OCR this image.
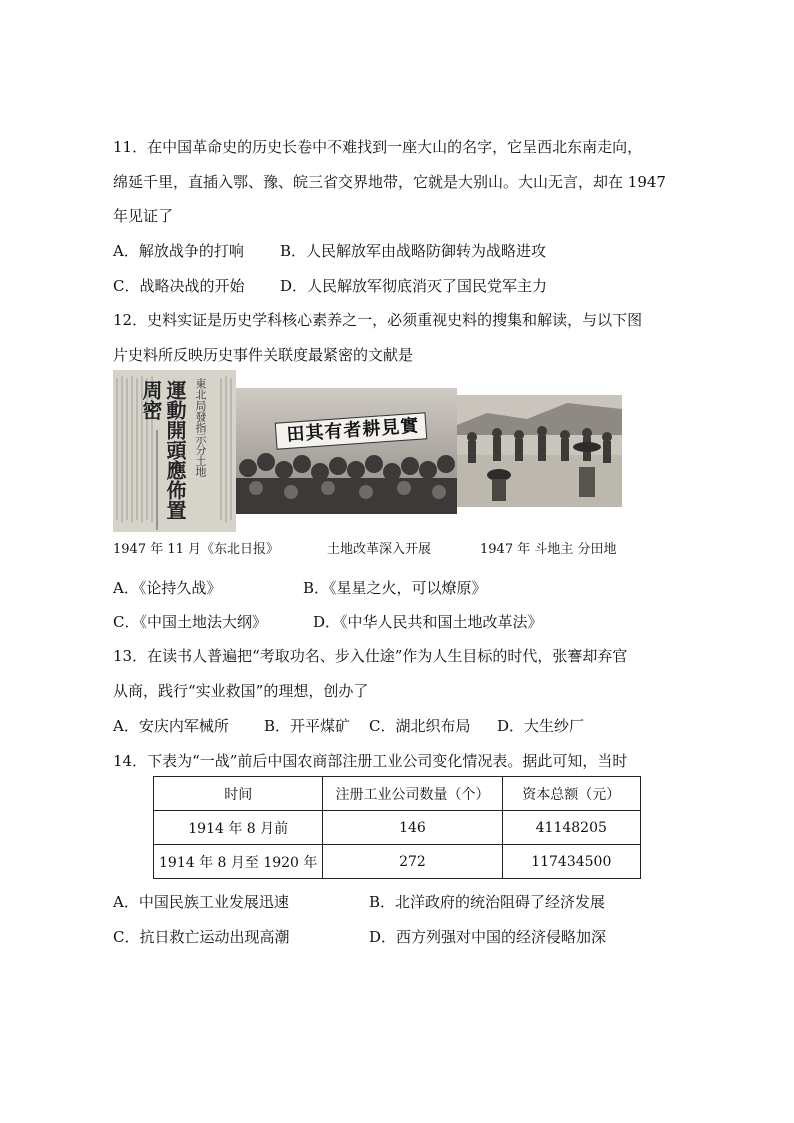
11．在中国革命史的历史长卷中不难找到一座大山的名字，它呈西北东南走向，
绵延千里，直插入鄂、豫、皖三省交界地带，它就是大别山。大山无言，却在 1947
年见证了
A．解放战争的打响 B．人民解放军由战略防御转为战略进攻
C．战略决战的开始 D．人民解放军彻底消灭了国民党军主力
12．史料实证是历史学科核心素养之一，必须重视史料的搜集和解读，与以下图
片史料所反映历史事件关联度最紧密的文献是
運動開頭應佈置周密	東北局發指示分土地	田其有者耕見實
1947 年 11 月《东北日报》	土地改革深入开展	1947 年 斗地主 分田地
A．《论持久战》	B．《星星之火，可以燎原》
C．《中国土地法大纲》	D．《中华人民共和国土地改革法》
13．在读书人普遍把“考取功名、步入仕途”作为人生目标的时代，张謇却弃官
从商，践行“实业救国”的理想，创办了
A．安庆内军械所 B．开平煤矿 C．湖北织布局 D．大生纱厂
14．下表为“一战”前后中国农商部注册工业公司变化情况表。据此可知，当时
时间	注册工业公司数量（个）	资本总额（元）
1914 年 8 月前	146	41148205
1914 年 8 月至 1920 年	272	117434500
A．中国民族工业发展迅速	B．北洋政府的统治阻碍了经济发展
C．抗日救亡运动出现高潮	D．西方列强对中国的经济侵略加深
